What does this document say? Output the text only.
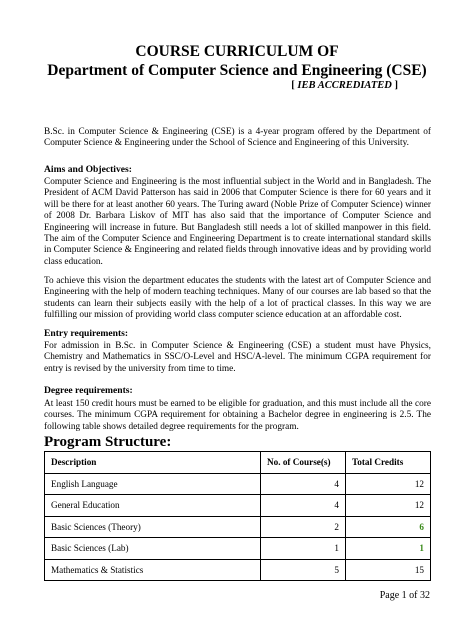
COURSE CURRICULUM OF
Department of Computer Science and Engineering (CSE)
[ IEB ACCREDIATED ]
B.Sc. in Computer Science & Engineering (CSE) is a 4-year program offered by the Department of Computer Science & Engineering under the School of Science and Engineering of this University.
Aims and Objectives:
Computer Science and Engineering is the most influential subject in the World and in Bangladesh. The President of ACM David Patterson has said in 2006 that Computer Science is there for 60 years and it will be there for at least another 60 years. The Turing award (Noble Prize of Computer Science) winner of 2008 Dr. Barbara Liskov of MIT has also said that the importance of Computer Science and Engineering will increase in future. But Bangladesh still needs a lot of skilled manpower in this field. The aim of the Computer Science and Engineering Department is to create international standard skills in Computer Science & Engineering and related fields through innovative ideas and by providing world class education.
To achieve this vision the department educates the students with the latest art of Computer Science and Engineering with the help of modern teaching techniques. Many of our courses are lab based so that the students can learn their subjects easily with the help of a lot of practical classes. In this way we are fulfilling our mission of providing world class computer science education at an affordable cost.
Entry requirements:
For admission in B.Sc. in Computer Science & Engineering (CSE) a student must have Physics, Chemistry and Mathematics in SSC/O-Level and HSC/A-level. The minimum CGPA requirement for entry is revised by the university from time to time.
Degree requirements:
At least 150 credit hours must be earned to be eligible for graduation, and this must include all the core courses. The minimum CGPA requirement for obtaining a Bachelor degree in engineering is 2.5. The following table shows detailed degree requirements for the program.
Program Structure:
Description	No. of Course(s)	Total Credits
English Language	4	12
General Education	4	12
Basic Sciences (Theory)	2	6
Basic Sciences (Lab)	1	1
Mathematics & Statistics	5	15
Page 1 of 32
